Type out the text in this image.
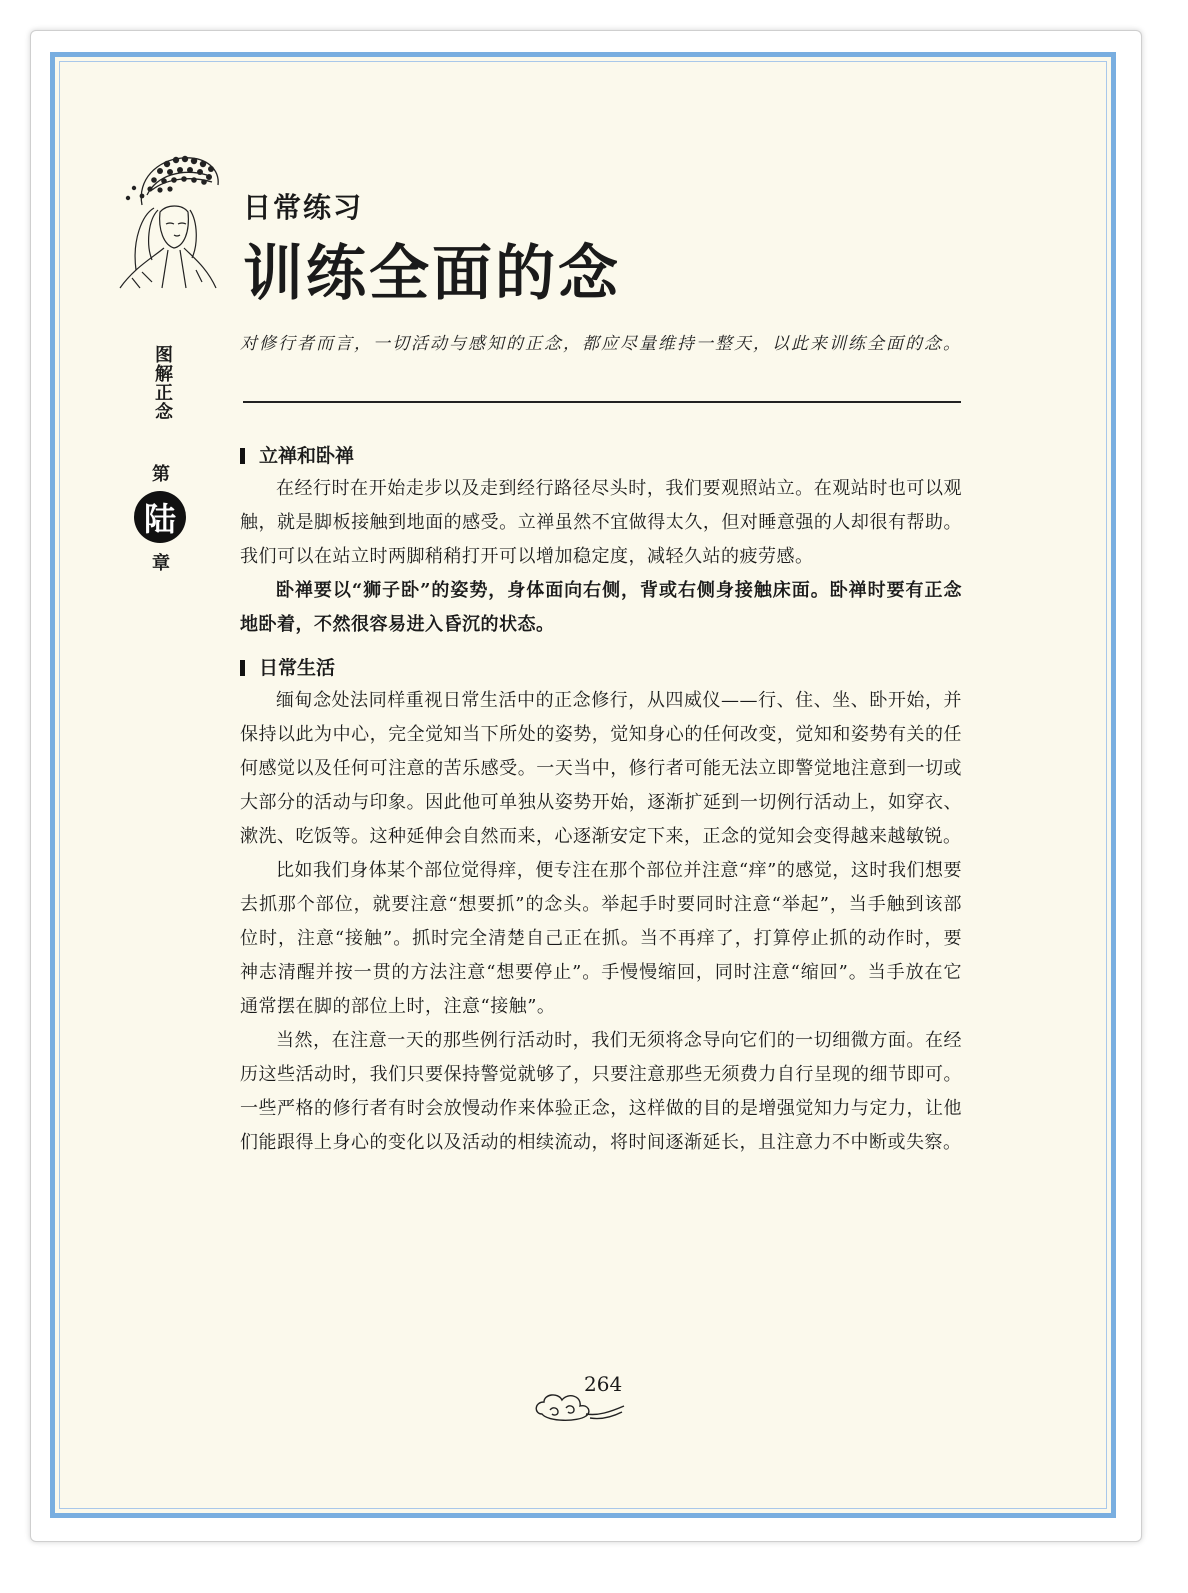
日常练习
训练全面的念
图解正念
第
陆
章

对修行者而言，一切活动与感知的正念，都应尽量维持一整天，以此来训练全面的念。

立禅和卧禅

在经行时在开始走步以及走到经行路径尽头时，我们要观照站立。在观站时也可以观触，就是脚板接触到地面的感受。立禅虽然不宜做得太久，但对睡意强的人却很有帮助。我们可以在站立时两脚稍稍打开可以增加稳定度，减轻久站的疲劳感。

卧禅要以“狮子卧”的姿势，身体面向右侧，背或右侧身接触床面。卧禅时要有正念地卧着，不然很容易进入昏沉的状态。

日常生活

缅甸念处法同样重视日常生活中的正念修行，从四威仪——行、住、坐、卧开始，并保持以此为中心，完全觉知当下所处的姿势，觉知身心的任何改变，觉知和姿势有关的任何感觉以及任何可注意的苦乐感受。一天当中，修行者可能无法立即警觉地注意到一切或大部分的活动与印象。因此他可单独从姿势开始，逐渐扩延到一切例行活动上，如穿衣、漱洗、吃饭等。这种延伸会自然而来，心逐渐安定下来，正念的觉知会变得越来越敏锐。

比如我们身体某个部位觉得痒，便专注在那个部位并注意“痒”的感觉，这时我们想要去抓那个部位，就要注意“想要抓”的念头。举起手时要同时注意“举起”，当手触到该部位时，注意“接触”。抓时完全清楚自己正在抓。当不再痒了，打算停止抓的动作时，要神志清醒并按一贯的方法注意“想要停止”。手慢慢缩回，同时注意“缩回”。当手放在它通常摆在脚的部位上时，注意“接触”。

当然，在注意一天的那些例行活动时，我们无须将念导向它们的一切细微方面。在经历这些活动时，我们只要保持警觉就够了，只要注意那些无须费力自行呈现的细节即可。一些严格的修行者有时会放慢动作来体验正念，这样做的目的是增强觉知力与定力，让他们能跟得上身心的变化以及活动的相续流动，将时间逐渐延长，且注意力不中断或失察。

264
